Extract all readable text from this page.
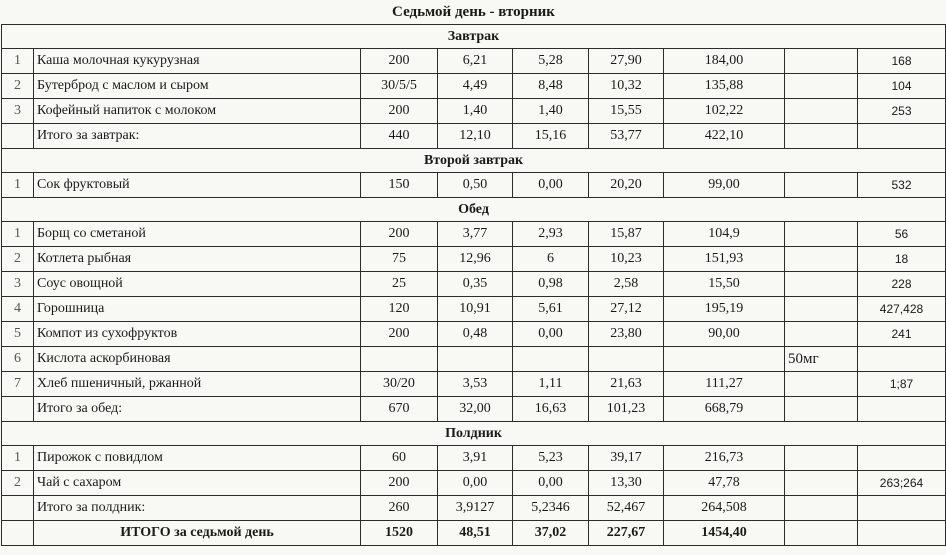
Седьмой день - вторник								
Завтрак								
1	Каша молочная кукурузная	200	6,21	5,28	27,90	184,00		168
2	Бутерброд с маслом и сыром	30/5/5	4,49	8,48	10,32	135,88		104
3	Кофейный напиток с молоком	200	1,40	1,40	15,55	102,22		253
	Итого за завтрак:	440	12,10	15,16	53,77	422,10		
Второй завтрак								
1	Сок фруктовый	150	0,50	0,00	20,20	99,00		532
Обед								
1	Борщ со сметаной	200	3,77	2,93	15,87	104,9		56
2	Котлета рыбная	75	12,96	6	10,23	151,93		18
3	Соус овощной	25	0,35	0,98	2,58	15,50		228
4	Горошница	120	10,91	5,61	27,12	195,19		427,428
5	Компот из сухофруктов	200	0,48	0,00	23,80	90,00		241
6	Кислота аскорбиновая						50мг	
7	Хлеб пшеничный, ржанной	30/20	3,53	1,11	21,63	111,27		1;87
	Итого за обед:	670	32,00	16,63	101,23	668,79		
Полдник								
1	Пирожок с повидлом	60	3,91	5,23	39,17	216,73		
2	Чай с сахаром	200	0,00	0,00	13,30	47,78		263;264
	Итого за полдник:	260	3,9127	5,2346	52,467	264,508		
	ИТОГО за седьмой день	1520	48,51	37,02	227,67	1454,40		
